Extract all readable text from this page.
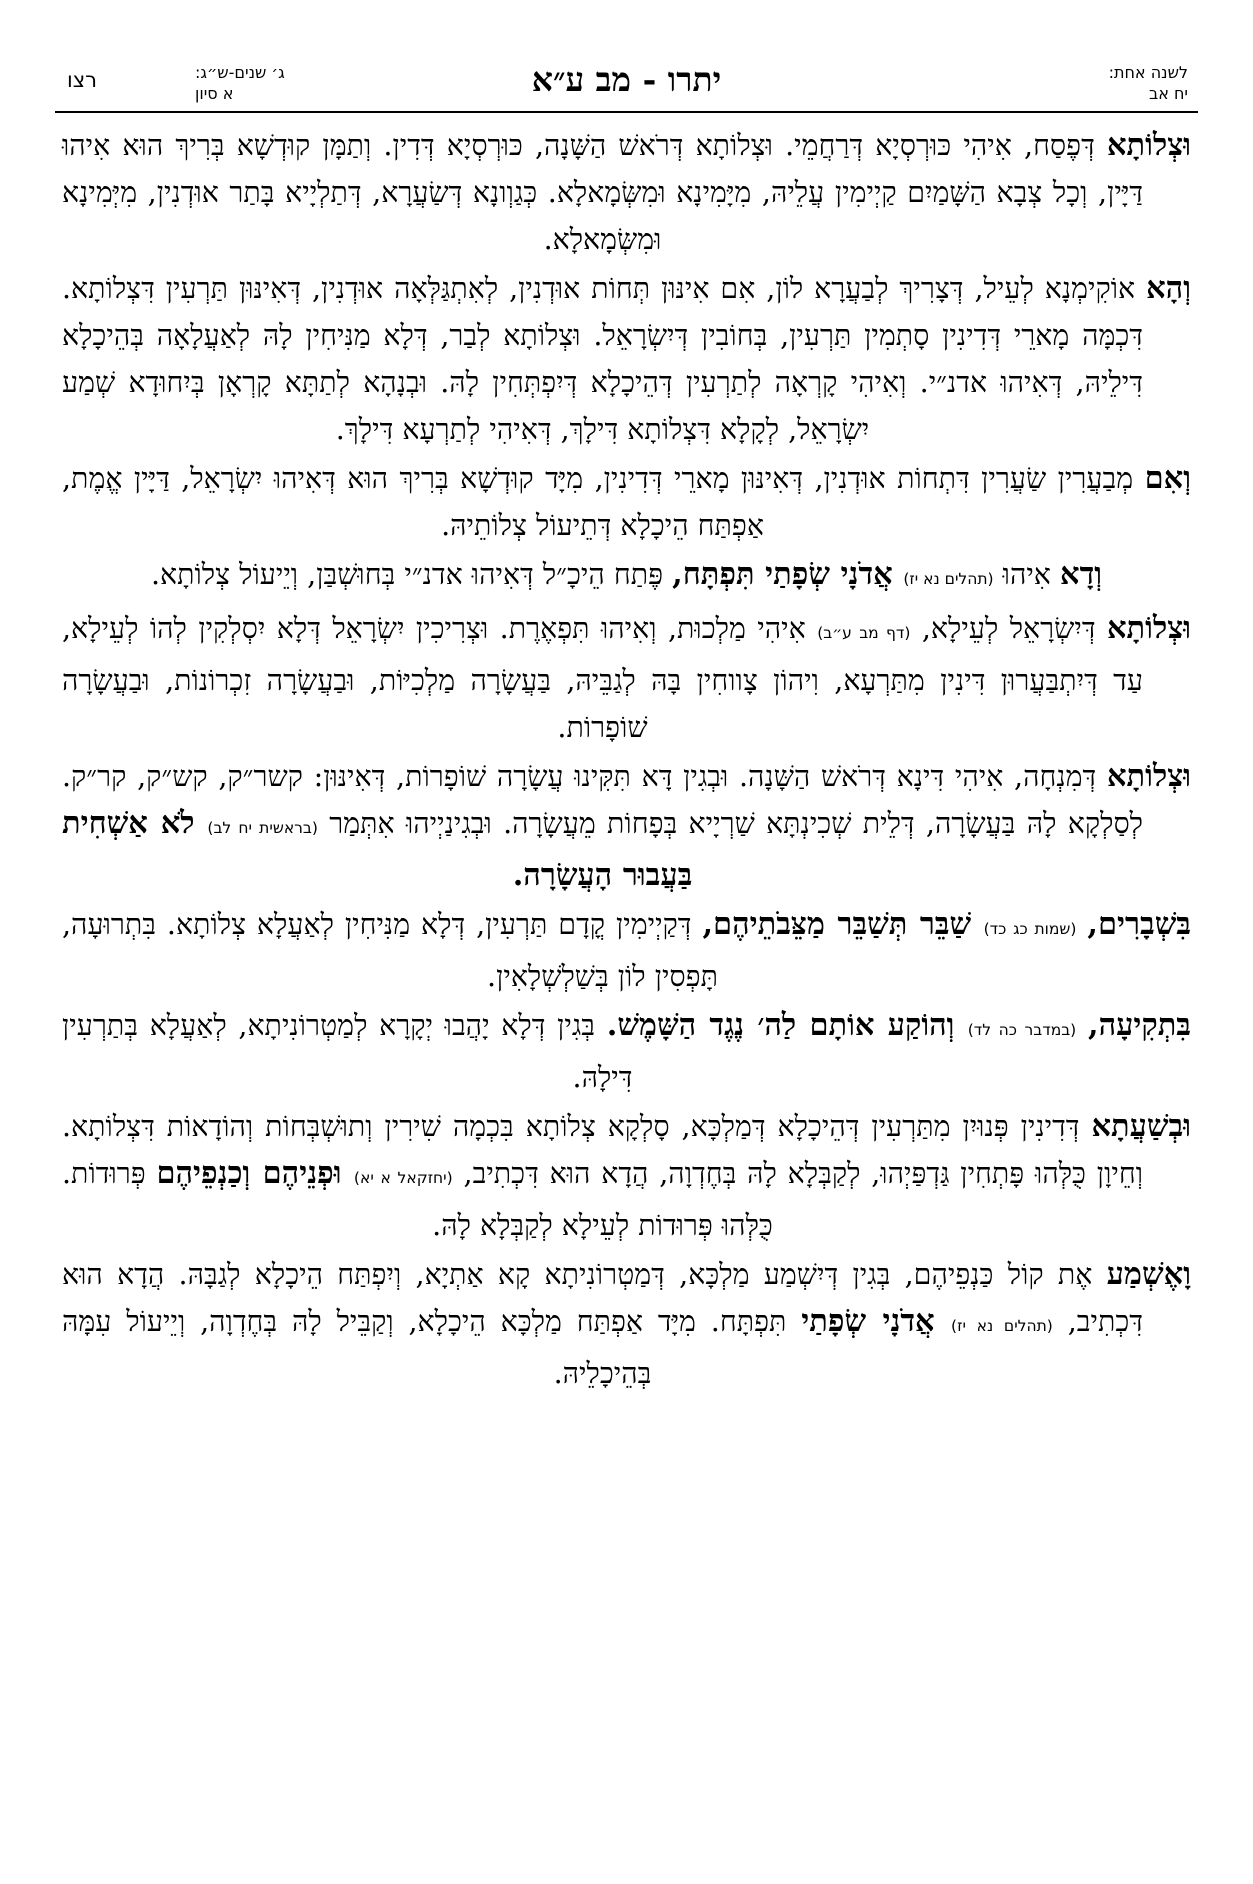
רצו	ג׳ שנים-ש״ג:
א סיון	יתרו - מב ע״א	לשנה אחת:
יח אב

וּצְלוֹתָא דְּפֶסַח, אִיהִי כּוּרְסְיָא דְּרַחֲמֵי. וּצְלוֹתָא דְּרֹאשׁ הַשָּׁנָה, כּוּרְסְיָא דְּדִין. וְתַמָּן קוּדְשָׁא בְּרִיךְ הוּא אִיהוּ דַּיָּין, וְכָל צְבָא הַשָּׁמַיִם קַיְימִין עֲלֵיהּ, מִיָּמִינָא וּמִשְּׂמָאלָא. כְּגַוְונָא דְּשַׂעֲרָא, דְּתַלְיָיא בָּתַר אוּדְנִין, מִיְּמִינָא וּמִשְּׂמָאלָא.

וְהָא אוֹקִימְנָא לְעֵיל, דְּצָרִיךְ לְבַעֲרָא לוֹן, אִם אִינּוּן תְּחוֹת אוּדְנִין, לְאִתְגַּלְּאָה אוּדְנִין, דְּאִינּוּן תַּרְעִין דִּצְלוֹתָא. דִּכְמָּה מָארֵי דְּדִינִין סָתְמִין תַּרְעִין, בְּחוֹבִין דְּיִשְׂרָאֵל. וּצְלוֹתָא לְבַר, דְּלָא מַנִּיחִין לָהּ לְאַעֲלָאָה בְּהֵיכָלָא דִּילֵיהּ, דְּאִיהוּ אדנ״י. וְאִיהִי קָרְאָה לְתַרְעִין דְּהֵיכָלָא דְּיִפְתְּחִין לָהּ. וּבְנָהָא לְתַתָּא קָרְאָן בְּיִחוּדָא שְׁמַע יִשְׂרָאֵל, לְקָלָא דִּצְלוֹתָא דִּילָךְ, דְּאִיהִי לְתַרְעָא דִּילָךְ.

וְאִם מְבַעֲרִין שַׂעֲרִין דִּתְחוֹת אוּדְנִין, דְּאִינּוּן מָארֵי דְּדִינִין, מִיָּד קוּדְשָׁא בְּרִיךְ הוּא דְּאִיהוּ יִשְׂרָאֵל, דַּיָּין אֱמֶת, אַפְתַּח הֵיכָלָא דְּתֵיעוֹל צְלוֹתֵיהּ.

וְדָא אִיהוּ (תהלים נא יז) אֲדֹנָי שְׂפָתַי תִּפְתָּח, פֶּתַח הֵיכָ״ל דְּאִיהוּ אדנ״י בְּחוּשְׁבַּן, וְיֵיעוֹל צְלוֹתָא.

וּצְלוֹתָא דְּיִשְׂרָאֵל לְעֵילָא, (דף מב ע״ב) אִיהִי מַלְכוּת, וְאִיהוּ תִּפְאֶרֶת. וּצְרִיכִין יִשְׂרָאֵל דְּלָא יִסְלְקִין לְהוֹ לְעֵילָא, עַד דְּיִתְבַּעֲרוּן דִּינִין מִתַּרְעָא, וִיהוֹן צָווחִין בָּהּ לְגַבֵּיהּ, בַּעֲשָׂרָה מַלְכִיּוֹת, וּבַעֲשָׂרָה זִכְרוֹנוֹת, וּבַעֲשָׂרָה שׁוֹפָרוֹת.

וּצְלוֹתָא דְּמִנְחָה, אִיהִי דִּינָא דְּרֹאשׁ הַשָּׁנָה. וּבְגִין דָּא תִּקִּינוּ עֲשָׂרָה שׁוֹפָרוֹת, דְּאִינּוּן: קשר״ק, קש״ק, קר״ק. לְסַלְקָא לָהּ בַּעֲשָׂרָה, דְּלֵית שְׁכִינְתָּא שַׁרְיָיא בְּפָחוֹת מֵעֲשָׂרָה. וּבְגִינַיְיהוּ אִתְּמַר (בראשית יח לב) לֹא אַשְׁחִית בַּעֲבוּר הָעֲשָׂרָה.

בִּשְׁבָרִים, (שמות כג כד) שַׁבֵּר תְּשַׁבֵּר מַצֵּבֹתֵיהֶם, דְּקַיְימִין קֳדָם תַּרְעִין, דְּלָא מַנִּיחִין לְאַעֲלָא צְלוֹתָא. בִּתְרוּעָה, תָּפְסִין לוֹן בְּשַׁלְשְׁלָאִין.

בִּתְקִיעָה, (במדבר כה לד) וְהוֹקַע אוֹתָם לַה׳ נֶגֶד הַשָּׁמֶשׁ. בְּגִין דְּלָא יָהֲבוּ יְקָרָא לְמַטְרוֹנִיתָא, לְאַעֲלָא בְּתַרְעִין דִּילָהּ.

וּבְשַׁעֲתָא דְּדִינִין פְּנוּיִן מִתַּרְעִין דְּהֵיכָלָא דְּמַלְכָּא, סָלְקָא צְלוֹתָא בִּכְמָה שִׁירִין וְתוּשְׁבְּחוֹת וְהוֹדָאוֹת דִּצְלוֹתָא. וְחֵיוָן כֻּלְּהוּ פָּתְחִין גַּדְפַּיְהוּ, לְקַבְּלָא לָהּ בְּחֶדְוָה, הֲדָא הוּא דִּכְתִיב, (יחזקאל א יא) וּפְנֵיהֶם וְכַנְפֵיהֶם פְּרוּדוֹת. כֻּלְּהוּ פְּרוּדוֹת לְעֵילָא לְקַבְּלָא לָהּ.

וָאֶשְׁמַע אֶת קוֹל כַּנְפֵיהֶם, בְּגִין דְּיִשְׁמַע מַלְכָּא, דְּמַטְרוֹנִיתָא קָא אַתְיָא, וְיִפְתַּח הֵיכָלָא לְגַבָּהּ. הֲדָא הוּא דִּכְתִיב, (תהלים נא יז) אֲדֹנָי שְׂפָתַי תִּפְתָּח. מִיָּד אַפְתַּח מַלְכָּא הֵיכָלָא, וְקַבֵּיל לָהּ בְּחֶדְוָה, וְיֵיעוֹל עִמָּהּ בְּהֵיכָלֵיהּ.
